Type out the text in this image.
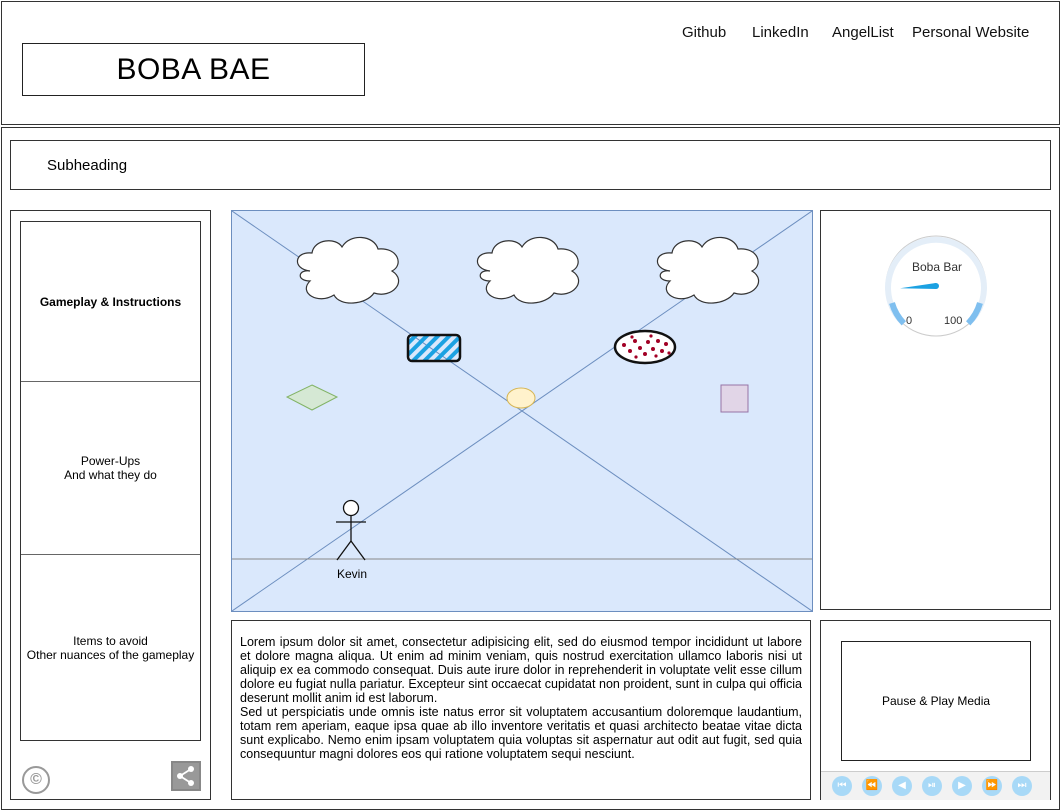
BOBA BAE
Github LinkedIn AngelList Personal Website
Subheading
Gameplay & Instructions
Power-Ups
And what they do
Items to avoid
Other nuances of the gameplay
©
Kevin

Lorem ipsum dolor sit amet, consectetur adipisicing elit, sed do eiusmod tempor incididunt ut labore et dolore magna aliqua. Ut enim ad minim veniam, quis nostrud exercitation ullamco laboris nisi ut aliquip ex ea commodo consequat. Duis aute irure dolor in reprehenderit in voluptate velit esse cillum dolore eu fugiat nulla pariatur. Excepteur sint occaecat cupidatat non proident, sunt in culpa qui officia deserunt mollit anim id est laborum.

Sed ut perspiciatis unde omnis iste natus error sit voluptatem accusantium doloremque laudantium, totam rem aperiam, eaque ipsa quae ab illo inventore veritatis et quasi architecto beatae vitae dicta sunt explicabo. Nemo enim ipsam voluptatem quia voluptas sit aspernatur aut odit aut fugit, sed quia consequuntur magni dolores eos qui ratione voluptatem sequi nesciunt.

Boba Bar
0	100
Pause & Play Media
⏮	⏪	◀	⏯	▶	⏩	⏭
